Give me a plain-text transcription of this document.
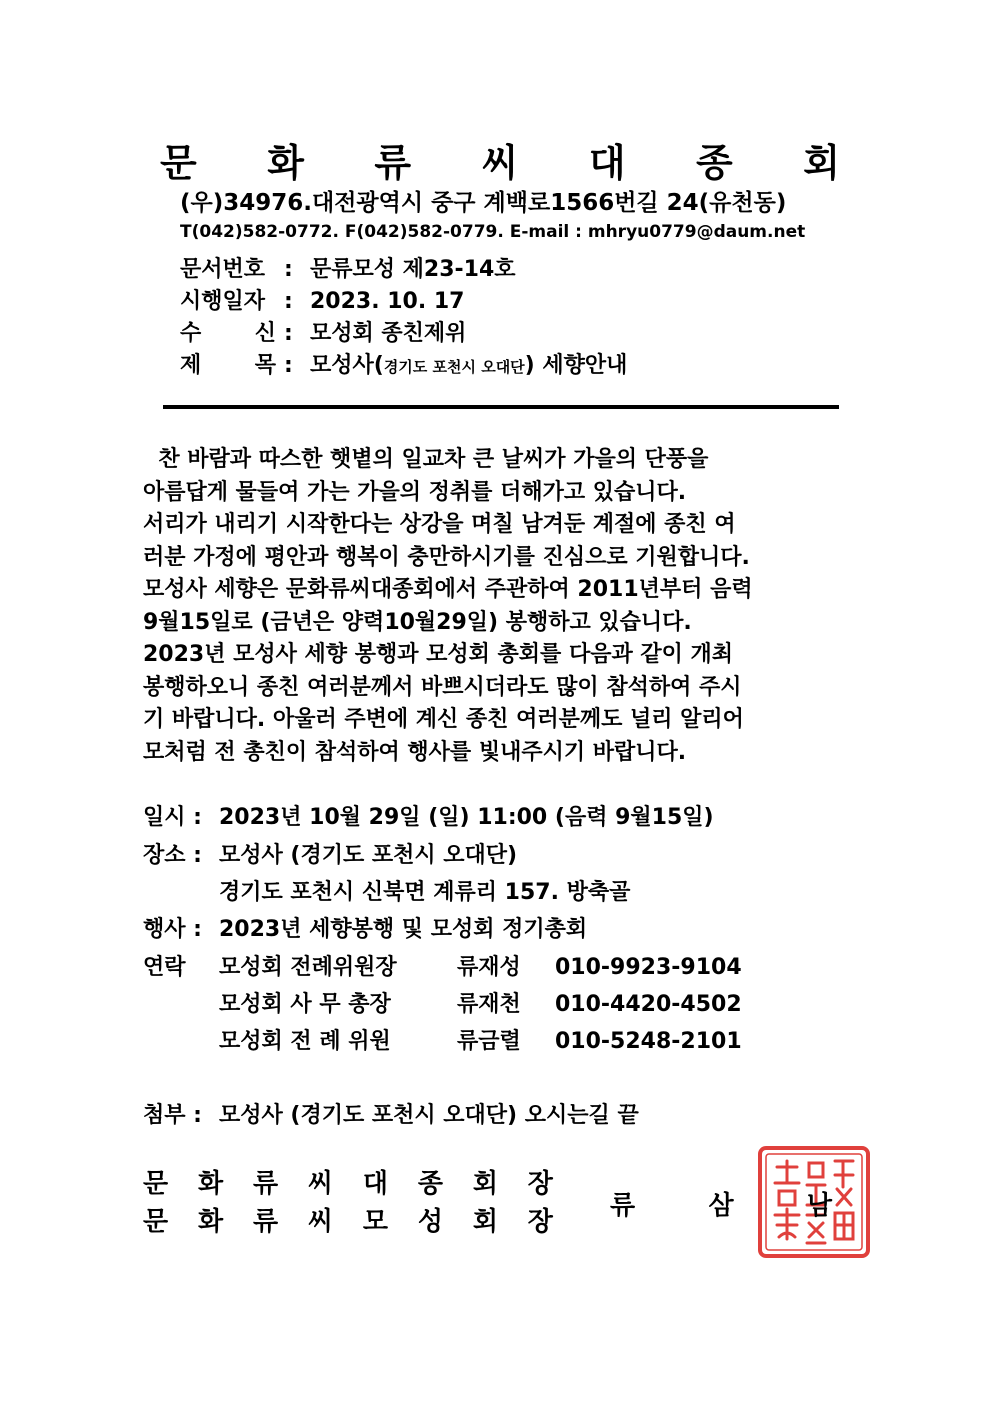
문 화 류 씨 대 종 회
(우)34976.대전광역시 중구 계백로1566번길 24(유천동)
T(042)582-0772. F(042)582-0779. E-mail : mhryu0779@daum.net
문서번호 : 문류모성 제23-14호
시행일자 : 2023. 10. 17
수 신 : 모성회 종친제위
제 목 : 모성사(경기도 포천시 오대단) 세향안내
찬 바람과 따스한 햇볕의 일교차 큰 날씨가 가을의 단풍을
아름답게 물들여 가는 가을의 정취를 더해가고 있습니다.
서리가 내리기 시작한다는 상강을 며칠 남겨둔 계절에 종친 여
러분 가정에 평안과 행복이 충만하시기를 진심으로 기원합니다.
모성사 세향은 문화류씨대종회에서 주관하여 2011년부터 음력
9월15일로 (금년은 양력10월29일) 봉행하고 있습니다.
2023년 모성사 세향 봉행과 모성회 총회를 다음과 같이 개최
봉행하오니 종친 여러분께서 바쁘시더라도 많이 참석하여 주시
기 바랍니다. 아울러 주변에 계신 종친 여러분께도 널리 알리어
모처럼 전 총친이 참석하여 행사를 빛내주시기 바랍니다.
일시 : 2023년 10월 29일 (일) 11:00 (음력 9월15일)
장소 : 모성사 (경기도 포천시 오대단)
경기도 포천시 신북면 계류리 157. 방축골
행사 : 2023년 세향봉행 및 모성회 정기총회
연락 모성회 전례위원장	류재성 010-9923-9104
모성회 사 무 총장	류재천 010-4420-4502
모성회 전 례 위원	류금렬 010-5248-2101
첨부 : 모성사 (경기도 포천시 오대단) 오시는길 끝
문 화 류 씨 대 종 회 장
문 화 류 씨 모 성 회 장
류	삼	남
